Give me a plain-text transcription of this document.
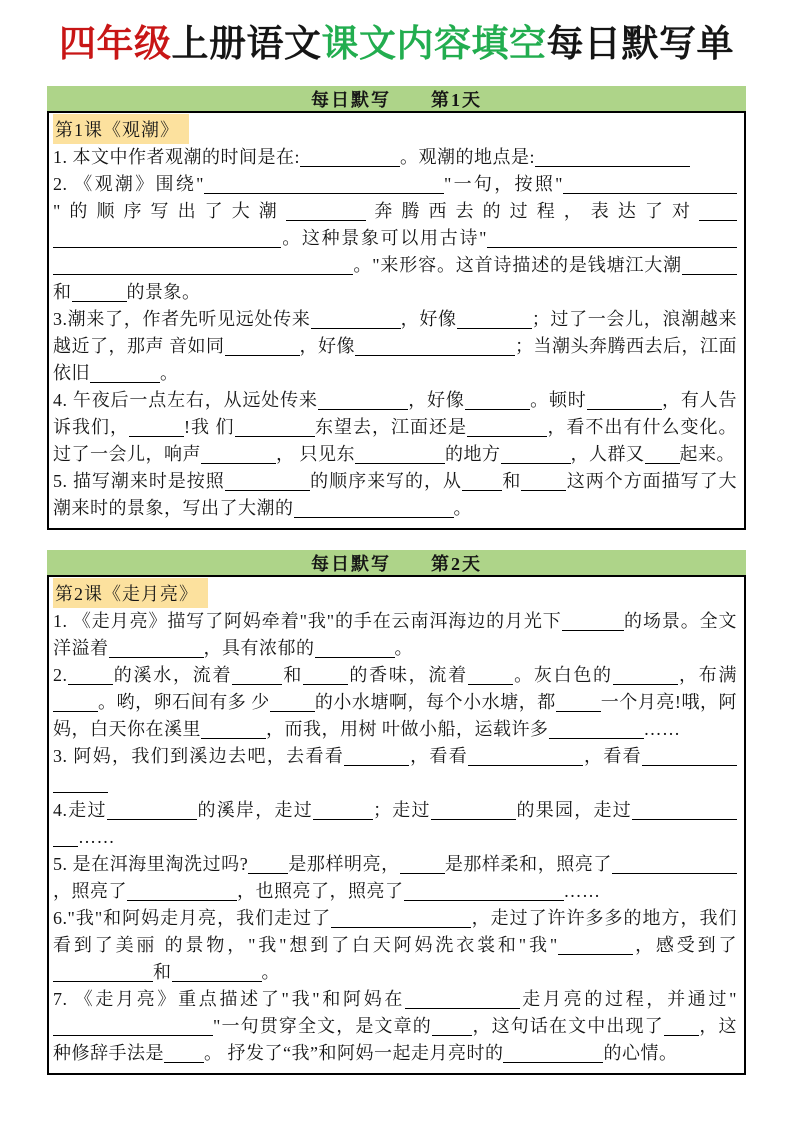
四年级上册语文课文内容填空每日默写单
每日默写 第1天
第1课《观潮》

1. 本文中作者观潮的时间是在:	。观潮的地点是:

2. 《观潮》围绕"	"一句，按照""的顺序写出了大潮	奔腾西去的过程，表达了对。这种景象可以用古诗"。"来形容。这首诗描述的是钱塘江大潮和	的景象。

3.潮来了，作者先听见远处传来	，好像	；过了一会儿，浪潮越来越近了，那声 音如同	，好像	；当潮头奔腾西去后，江面依旧	。

4. 午夜后一点左右，从远处传来	，好像	。顿时	，有人告诉我们，	!我 们	东望去，江面还是	，看不出有什么变化。过了一会儿，响声	， 只见东	的地方	，人群又 起来。

5. 描写潮来时是按照	的顺序来写的，从 和	这两个方面描写了大潮来时的景象，写出了大潮的	。

每日默写 第2天
第2课《走月亮》

1. 《走月亮》描写了阿妈牵着"我"的手在云南洱海边的月光下	的场景。全文洋溢着	，具有浓郁的	。

2.	的溪水，流着	和	的香味，流着	。灰白色的	，布满。哟，卵石间有多 少	的小水塘啊，每个小水塘，都	一个月亮!哦，阿妈，白天你在溪里	，而我，用树 叶做小船，运载许多	……

3. 阿妈，我们到溪边去吧，去看看	，看看	，看看

4.走过	的溪岸，走过	；走过	的果园，走过……

5. 是在洱海里淘洗过吗? 是那样明亮，	是那样柔和，照亮了，照亮了	，也照亮了，照亮了	……

6."我"和阿妈走月亮，我们走过了	，走过了许许多多的地方，我们看到了美丽 的景物，"我"想到了白天阿妈洗衣裳和"我"	，感受到了和	。

7. 《走月亮》重点描述了"我"和阿妈在	走月亮的过程，并通过""一句贯穿全文，是文章的 ，这句话在文中出现了 ，这种修辞手法是 。 抒发了“我”和阿妈一起走月亮时的	的心情。
